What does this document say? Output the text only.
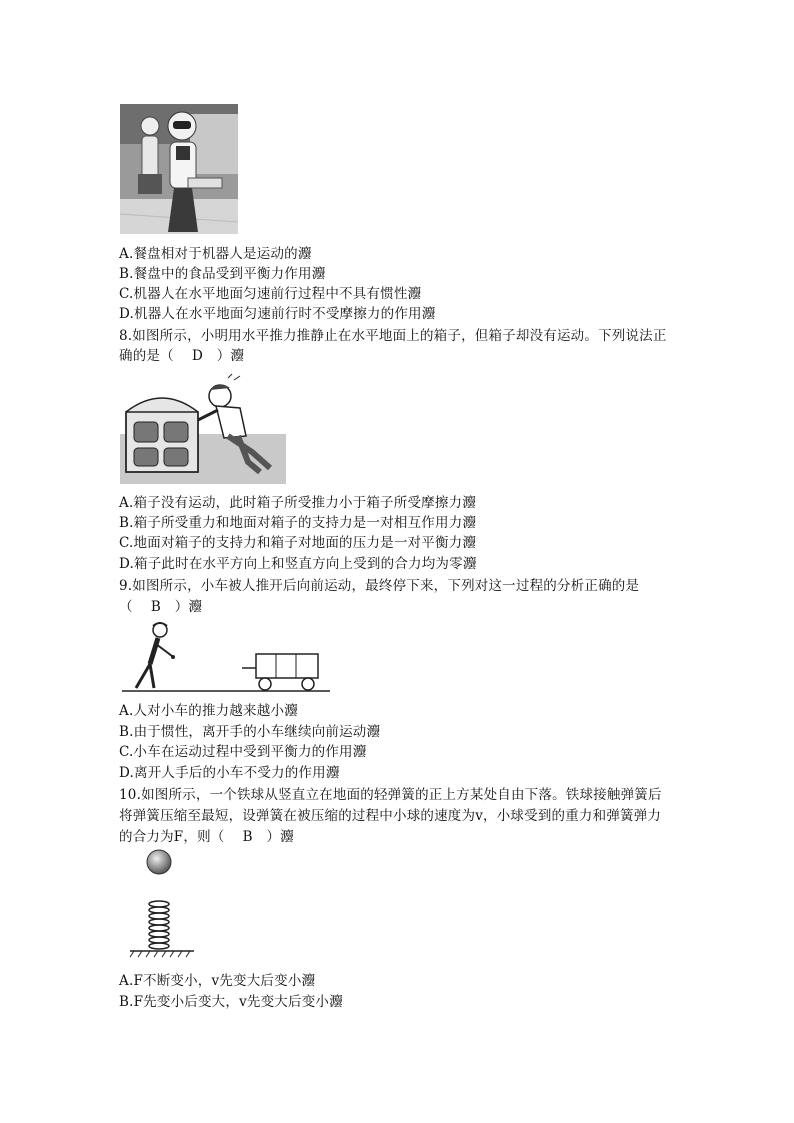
A.餐盘相对于机器人是运动的灋
B.餐盘中的食品受到平衡力作用灋
C.机器人在水平地面匀速前行过程中不具有惯性灋
D.机器人在水平地面匀速前行时不受摩擦力的作用灋
8.如图所示，小明用水平推力推静止在水平地面上的箱子，但箱子却没有运动。下列说法正
确的是（　 D　）灋
A.箱子没有运动，此时箱子所受推力小于箱子所受摩擦力灋
B.箱子所受重力和地面对箱子的支持力是一对相互作用力灋
C.地面对箱子的支持力和箱子对地面的压力是一对平衡力灋
D.箱子此时在水平方向上和竖直方向上受到的合力均为零灋
9.如图所示，小车被人推开后向前运动，最终停下来，下列对这一过程的分析正确的是
（　 B　）灋
A.人对小车的推力越来越小灋
B.由于惯性，离开手的小车继续向前运动灋
C.小车在运动过程中受到平衡力的作用灋
D.离开人手后的小车不受力的作用灋
10.如图所示，一个铁球从竖直立在地面的轻弹簧的正上方某处自由下落。铁球接触弹簧后
将弹簧压缩至最短，设弹簧在被压缩的过程中小球的速度为v，小球受到的重力和弹簧弹力
的合力为F，则（　 B　）灋
A.F不断变小，v先变大后变小灋
B.F先变小后变大，v先变大后变小灋
